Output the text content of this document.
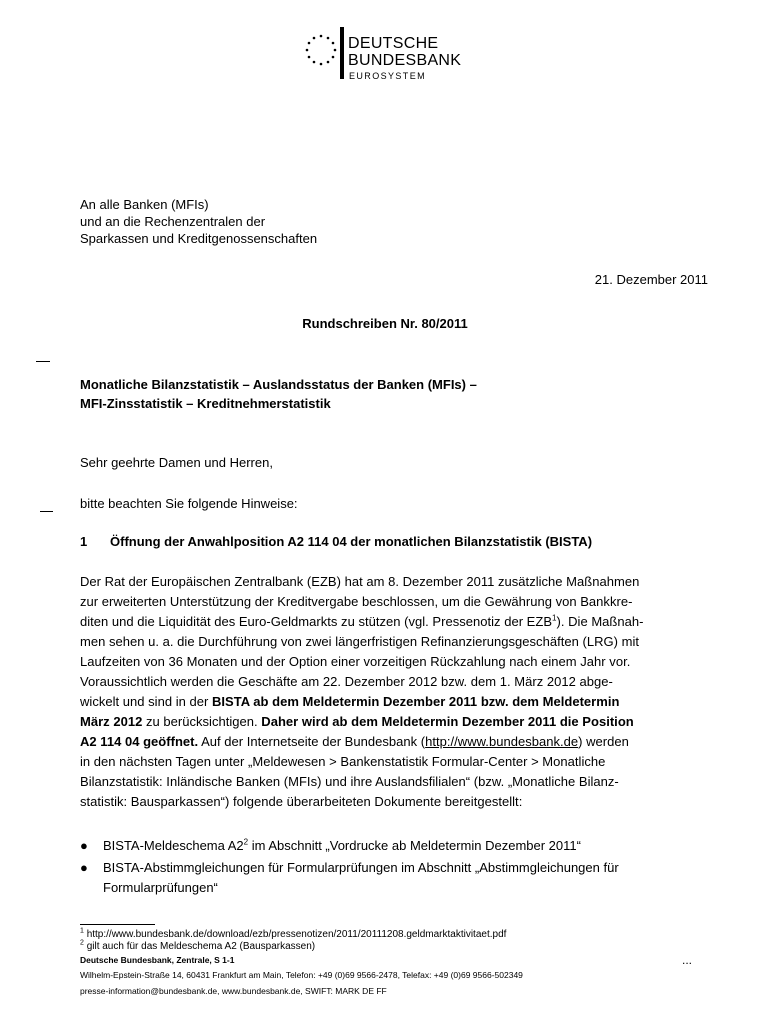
DEUTSCHE
BUNDESBANK
EUROSYSTEM
An alle Banken (MFIs)
und an die Rechenzentralen der
Sparkassen und Kreditgenossenschaften
21. Dezember 2011
Rundschreiben Nr. 80/2011
Monatliche Bilanzstatistik – Auslandsstatus der Banken (MFIs) –
MFI-Zinsstatistik – Kreditnehmerstatistik
Sehr geehrte Damen und Herren,
bitte beachten Sie folgende Hinweise:
1 Öffnung der Anwahlposition A2 114 04 der monatlichen Bilanzstatistik (BISTA)
Der Rat der Europäischen Zentralbank (EZB) hat am 8. Dezember 2011 zusätzliche Maßnahmen
zur erweiterten Unterstützung der Kreditvergabe beschlossen, um die Gewährung von Bankkre-
diten und die Liquidität des Euro-Geldmarkts zu stützen (vgl. Pressenotiz der EZB$^1$). Die Maßnah-
men sehen u. a. die Durchführung von zwei längerfristigen Refinanzierungsgeschäften (LRG) mit
Laufzeiten von 36 Monaten und der Option einer vorzeitigen Rückzahlung nach einem Jahr vor.
Voraussichtlich werden die Geschäfte am 22. Dezember 2012 bzw. dem 1. März 2012 abge-
wickelt und sind in der BISTA ab dem Meldetermin Dezember 2011 bzw. dem Meldetermin
März 2012 zu berücksichtigen. Daher wird ab dem Meldetermin Dezember 2011 die Position
A2 114 04 geöffnet. Auf der Internetseite der Bundesbank (http://www.bundesbank.de) werden
in den nächsten Tagen unter „Meldewesen > Bankenstatistik Formular-Center > Monatliche
Bilanzstatistik: Inländische Banken (MFIs) und ihre Auslandsfilialen“ (bzw. „Monatliche Bilanz-
statistik: Bausparkassen“) folgende überarbeiteten Dokumente bereitgestellt:
● BISTA-Meldeschema $A2^2$ im Abschnitt „Vordrucke ab Meldetermin Dezember 2011“
● BISTA-Abstimmgleichungen für Formularprüfungen im Abschnitt „Abstimmgleichungen für
Formularprüfungen“
$^1$ http://www.bundesbank.de/download/ezb/pressenotizen/2011/20111208.geldmarktaktivitaet.pdf
$^2$ gilt auch für das Meldeschema A2 (Bausparkassen)
Deutsche Bundesbank, Zentrale, S 1-1
Wilhelm-Epstein-Straße 14, 60431 Frankfurt am Main, Telefon: +49 (0)69 9566-2478, Telefax: +49 (0)69 9566-502349
presse-information@bundesbank.de, www.bundesbank.de, SWIFT: MARK DE FF
...
